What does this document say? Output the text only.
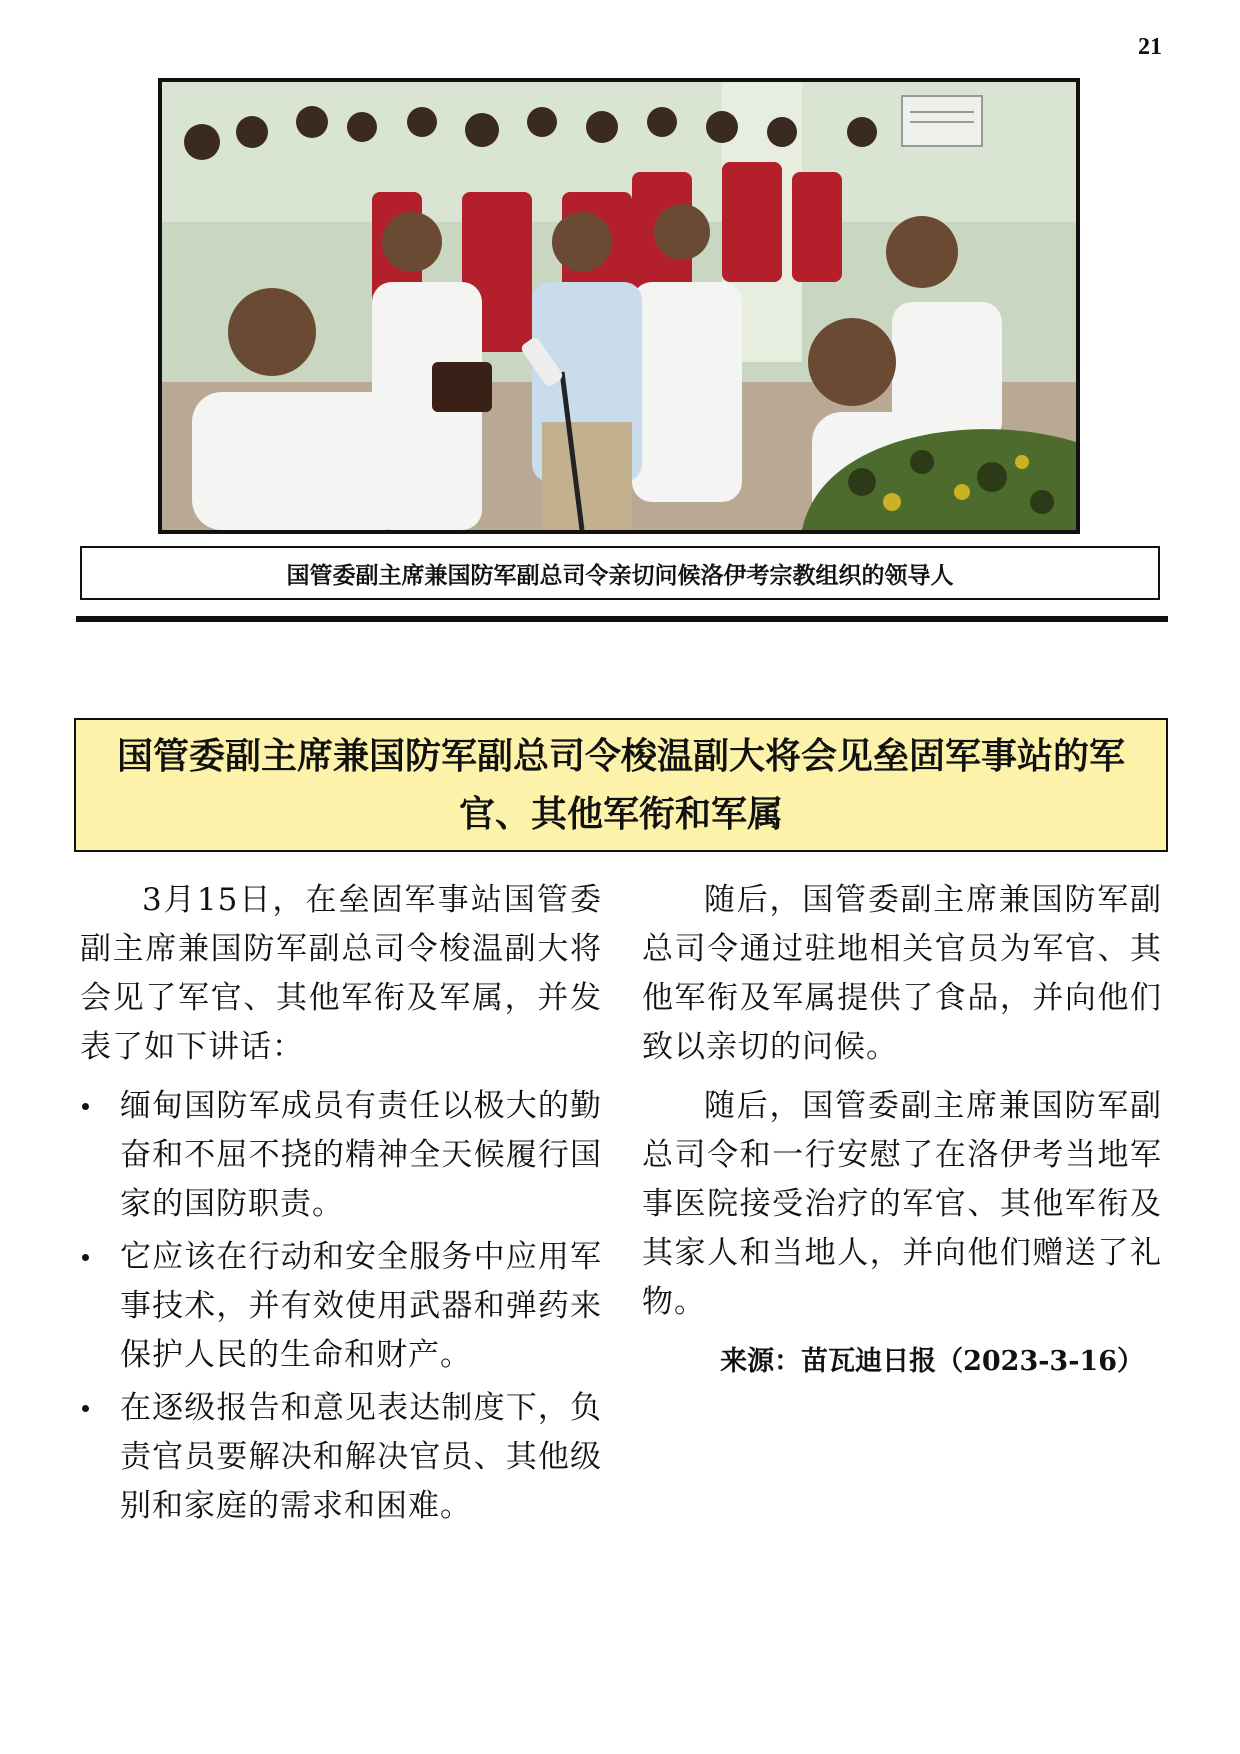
21
国管委副主席兼国防军副总司令亲切问候洛伊考宗教组织的领导人
国管委副主席兼国防军副总司令梭温副大将会见垒固军事站的军
官、其他军衔和军属

3月15日，在垒固军事站国管委副主席兼国防军副总司令梭温副大将会见了军官、其他军衔及军属，并发表了如下讲话：

缅甸国防军成员有责任以极大的勤奋和不屈不挠的精神全天候履行国家的国防职责。
它应该在行动和安全服务中应用军事技术，并有效使用武器和弹药来保护人民的生命和财产。
在逐级报告和意见表达制度下，负责官员要解决和解决官员、其他级别和家庭的需求和困难。

随后，国管委副主席兼国防军副总司令通过驻地相关官员为军官、其他军衔及军属提供了食品，并向他们致以亲切的问候。

随后，国管委副主席兼国防军副总司令和一行安慰了在洛伊考当地军事医院接受治疗的军官、其他军衔及其家人和当地人，并向他们赠送了礼物。

来源：苗瓦迪日报（2023-3-16）
